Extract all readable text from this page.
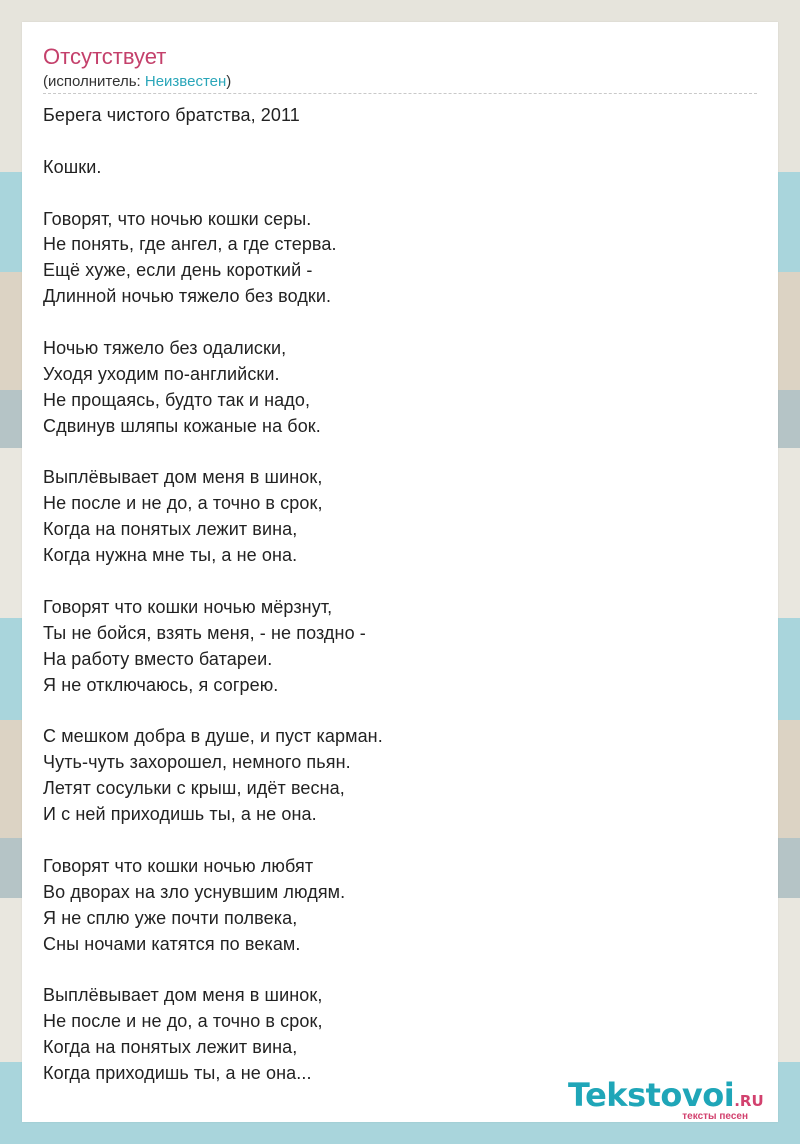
Отсутствует
(исполнитель: Неизвестен)
Берега чистого братства, 2011
Кошки.
Говорят, что ночью кошки серы.
Не понять, где ангел, а где стерва.
Ещё хуже, если день короткий -
Длинной ночью тяжело без водки.
Ночью тяжело без одалиски,
Уходя уходим по-английски.
Не прощаясь, будто так и надо,
Сдвинув шляпы кожаные на бок.
Выплёвывает дом меня в шинок,
Не после и не до, а точно в срок,
Когда на понятых лежит вина,
Когда нужна мне ты, а не она.
Говорят что кошки ночью мёрзнут,
Ты не бойся, взять меня, - не поздно -
На работу вместо батареи.
Я не отключаюсь, я согрею.
С мешком добра в душе, и пуст карман.
Чуть-чуть захорошел, немного пьян.
Летят сосульки с крыш, идёт весна,
И с ней приходишь ты, а не она.
Говорят что кошки ночью любят
Во дворах на зло уснувшим людям.
Я не сплю уже почти полвека,
Сны ночами катятся по векам.
Выплёвывает дом меня в шинок,
Не после и не до, а точно в срок,
Когда на понятых лежит вина,
Когда приходишь ты, а не она...
Tekstovoi.RU
тексты песен
